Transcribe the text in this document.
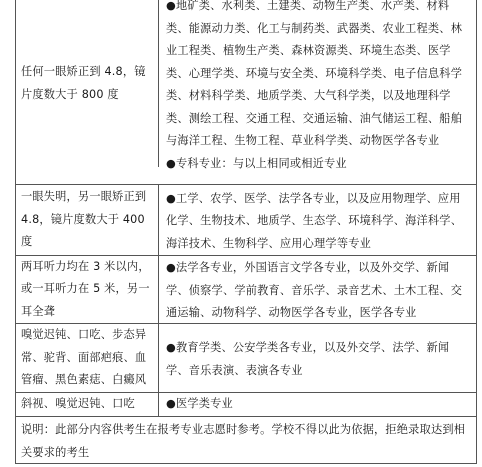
任何一眼矫正到 4.8，镜片度数大于 800 度

●地矿类、水利类、土建类、动物生产类、水产类、材料类、能源动力类、化工与制药类、武器类、农业工程类、林业工程类、植物生产类、森林资源类、环境生态类、医学类、心理学类、环境与安全类、环境科学类、电子信息科学类、材料科学类、地质学类、大气科学类，以及地理科学类、测绘工程、交通工程、交通运输、油气储运工程、船舶与海洋工程、生物工程、草业科学类、动物医学各专业
●专科专业：与以上相同或相近专业

一眼失明，另一眼矫正到 4.8，镜片度数大于 400 度

●工学、农学、医学、法学各专业，以及应用物理学、应用化学、生物技术、地质学、生态学、环境科学、海洋科学、海洋技术、生物科学、应用心理学等专业

两耳听力均在 3 米以内，或一耳听力在 5 米，另一耳全聋

●法学各专业，外国语言文学各专业，以及外交学、新闻学、侦察学、学前教育、音乐学、录音艺术、土木工程、交通运输、动物科学、动物医学各专业，医学各专业

嗅觉迟钝、口吃、步态异常、驼背、面部疤痕、血管瘤、黑色素痣、白癜风

●教育学类、公安学类各专业，以及外交学、法学、新闻学、音乐表演、表演各专业

斜视、嗅觉迟钝、口吃	●医学类专业

说明：此部分内容供考生在报考专业志愿时参考。学校不得以此为依据，拒绝录取达到相关要求的考生
